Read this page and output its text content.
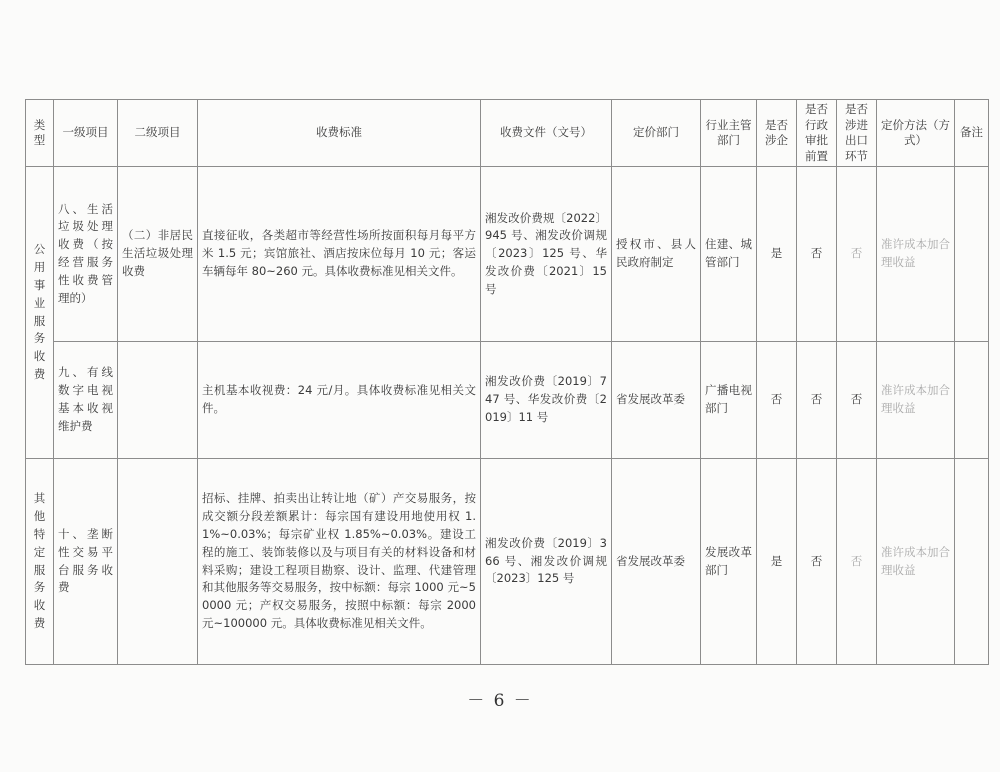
类型	一级项目	二级项目	收费标准	收费文件（文号）	定价部门	行业主管部门	是否涉企	是否行政审批前置	是否涉进出口环节	定价方法（方式）	备注
公用事业服务收费	八、生活垃圾处理收费（按经营服务性收费管理的）	（二）非居民生活垃圾处理收费	直接征收，各类超市等经营性场所按面积每月每平方米 1.5 元；宾馆旅社、酒店按床位每月 10 元；客运车辆每年 80~260 元。具体收费标准见相关文件。	湘发改价费规〔2022〕945 号、湘发改价调规〔2023〕125 号、华发改价费〔2021〕15 号	授权市、县人民政府制定	住建、城管部门	是	否	否	准许成本加合理收益	
	九、有线数字电视基本收视维护费		主机基本收视费：24 元/月。具体收费标准见相关文件。	湘发改价费〔2019〕747 号、华发改价费〔2019〕11 号	省发展改革委	广播电视部门	否	否	否	准许成本加合理收益	
其他特定服务收费	十、垄断性交易平台服务收费		招标、挂牌、拍卖出让转让地（矿）产交易服务，按成交额分段差额累计：每宗国有建设用地使用权 1.1%~0.03%；每宗矿业权 1.85%~0.03%。建设工程的施工、装饰装修以及与项目有关的材料设备和材料采购；建设工程项目勘察、设计、监理、代建管理和其他服务等交易服务，按中标额：每宗 1000 元~50000 元；产权交易服务，按照中标额：每宗 2000 元~100000 元。具体收费标准见相关文件。	湘发改价费〔2019〕366 号、湘发改价调规〔2023〕125 号	省发展改革委	发展改革部门	是	否	否	准许成本加合理收益	
－ 6 －
